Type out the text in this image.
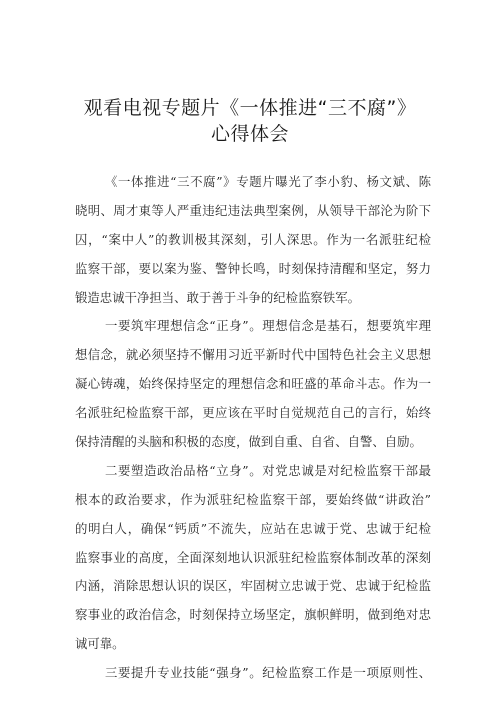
观看电视专题片《一体推进“三不腐”》
心得体会
《一体推进“三不腐”》专题片曝光了李小豹、杨文斌、陈
晓明、周才東等人严重违纪违法典型案例，从领导干部沦为阶下
囚，“案中人”的教训极其深刻，引人深思。作为一名派驻纪检
监察干部，要以案为鉴、警钟长鸣，时刻保持清醒和坚定，努力
锻造忠诚干净担当、敢于善于斗争的纪检监察铁军。
一要筑牢理想信念“正身”。理想信念是基石，想要筑牢理
想信念，就必须坚持不懈用习近平新时代中国特色社会主义思想
凝心铸魂，始终保持坚定的理想信念和旺盛的革命斗志。作为一
名派驻纪检监察干部，更应该在平时自觉规范自己的言行，始终
保持清醒的头脑和积极的态度，做到自重、自省、自警、自励。
二要塑造政治品格“立身”。对党忠诚是对纪检监察干部最
根本的政治要求，作为派驻纪检监察干部，要始终做“讲政治”
的明白人，确保“钙质”不流失，应站在忠诚于党、忠诚于纪检
监察事业的高度，全面深刻地认识派驻纪检监察体制改革的深刻
内涵，消除思想认识的误区，牢固树立忠诚于党、忠诚于纪检监
察事业的政治信念，时刻保持立场坚定，旗帜鲜明，做到绝对忠
诚可靠。
三要提升专业技能“强身”。纪检监察工作是一项原则性、
